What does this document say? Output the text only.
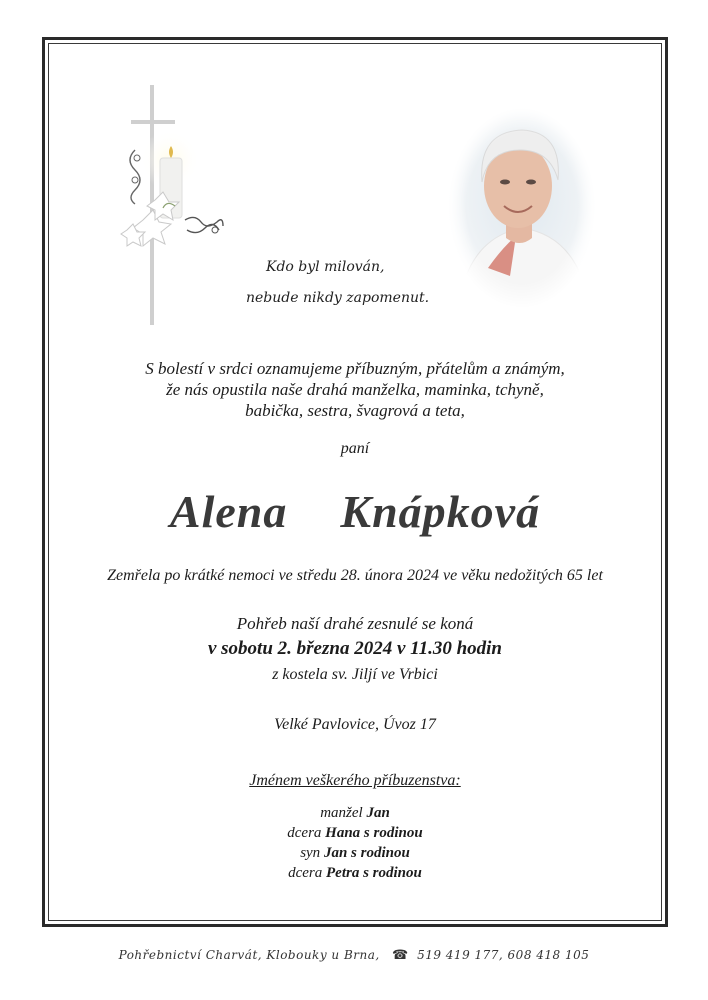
Kdo byl milován,
nebude nikdy zapomenut.
S bolestí v srdci oznamujeme příbuzným, přátelům a známým,
že nás opustila naše drahá manželka, maminka, tchyně,
babička, sestra, švagrová a teta,
paní
Alena  Knápková
Zemřela po krátké nemoci ve středu 28. února 2024 ve věku nedožitých 65 let
Pohřeb naší drahé zesnulé se koná
v sobotu 2. března 2024 v 11.30 hodin
z kostela sv. Jiljí ve Vrbici
Velké Pavlovice, Úvoz 17
Jménem veškerého příbuzenstva:
manžel Jan
dcera Hana s rodinou
syn Jan s rodinou
dcera Petra s rodinou
Pohřebnictví Charvát, Klobouky u Brna, ☎ 519 419 177, 608 418 105
